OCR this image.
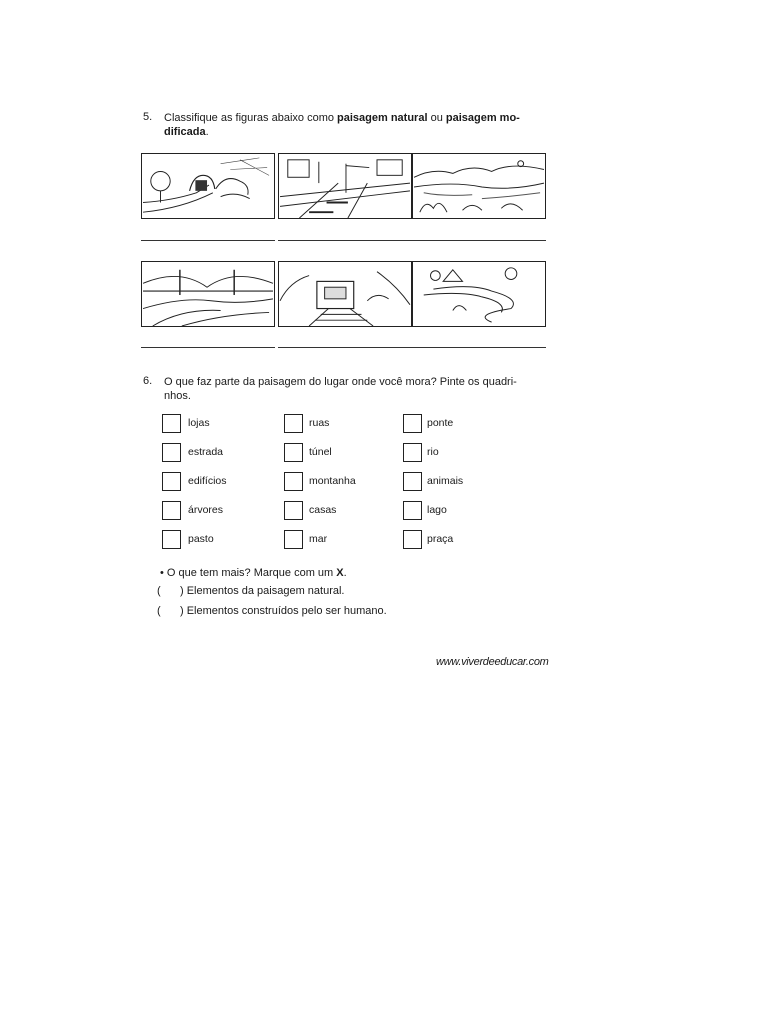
5. Classifique as figuras abaixo como paisagem natural ou paisagem mo-
dificada.
6. O que faz parte da paisagem do lugar onde você mora? Pinte os quadri-
nhos.
lojas
estrada
edifícios
árvores
pasto
ruas
túnel
montanha
casas
mar
ponte
rio
animais
lago
praça
• O que tem mais? Marque com um X.
( ) Elementos da paisagem natural.
( ) Elementos construídos pelo ser humano.
www.viverdeeducar.com
